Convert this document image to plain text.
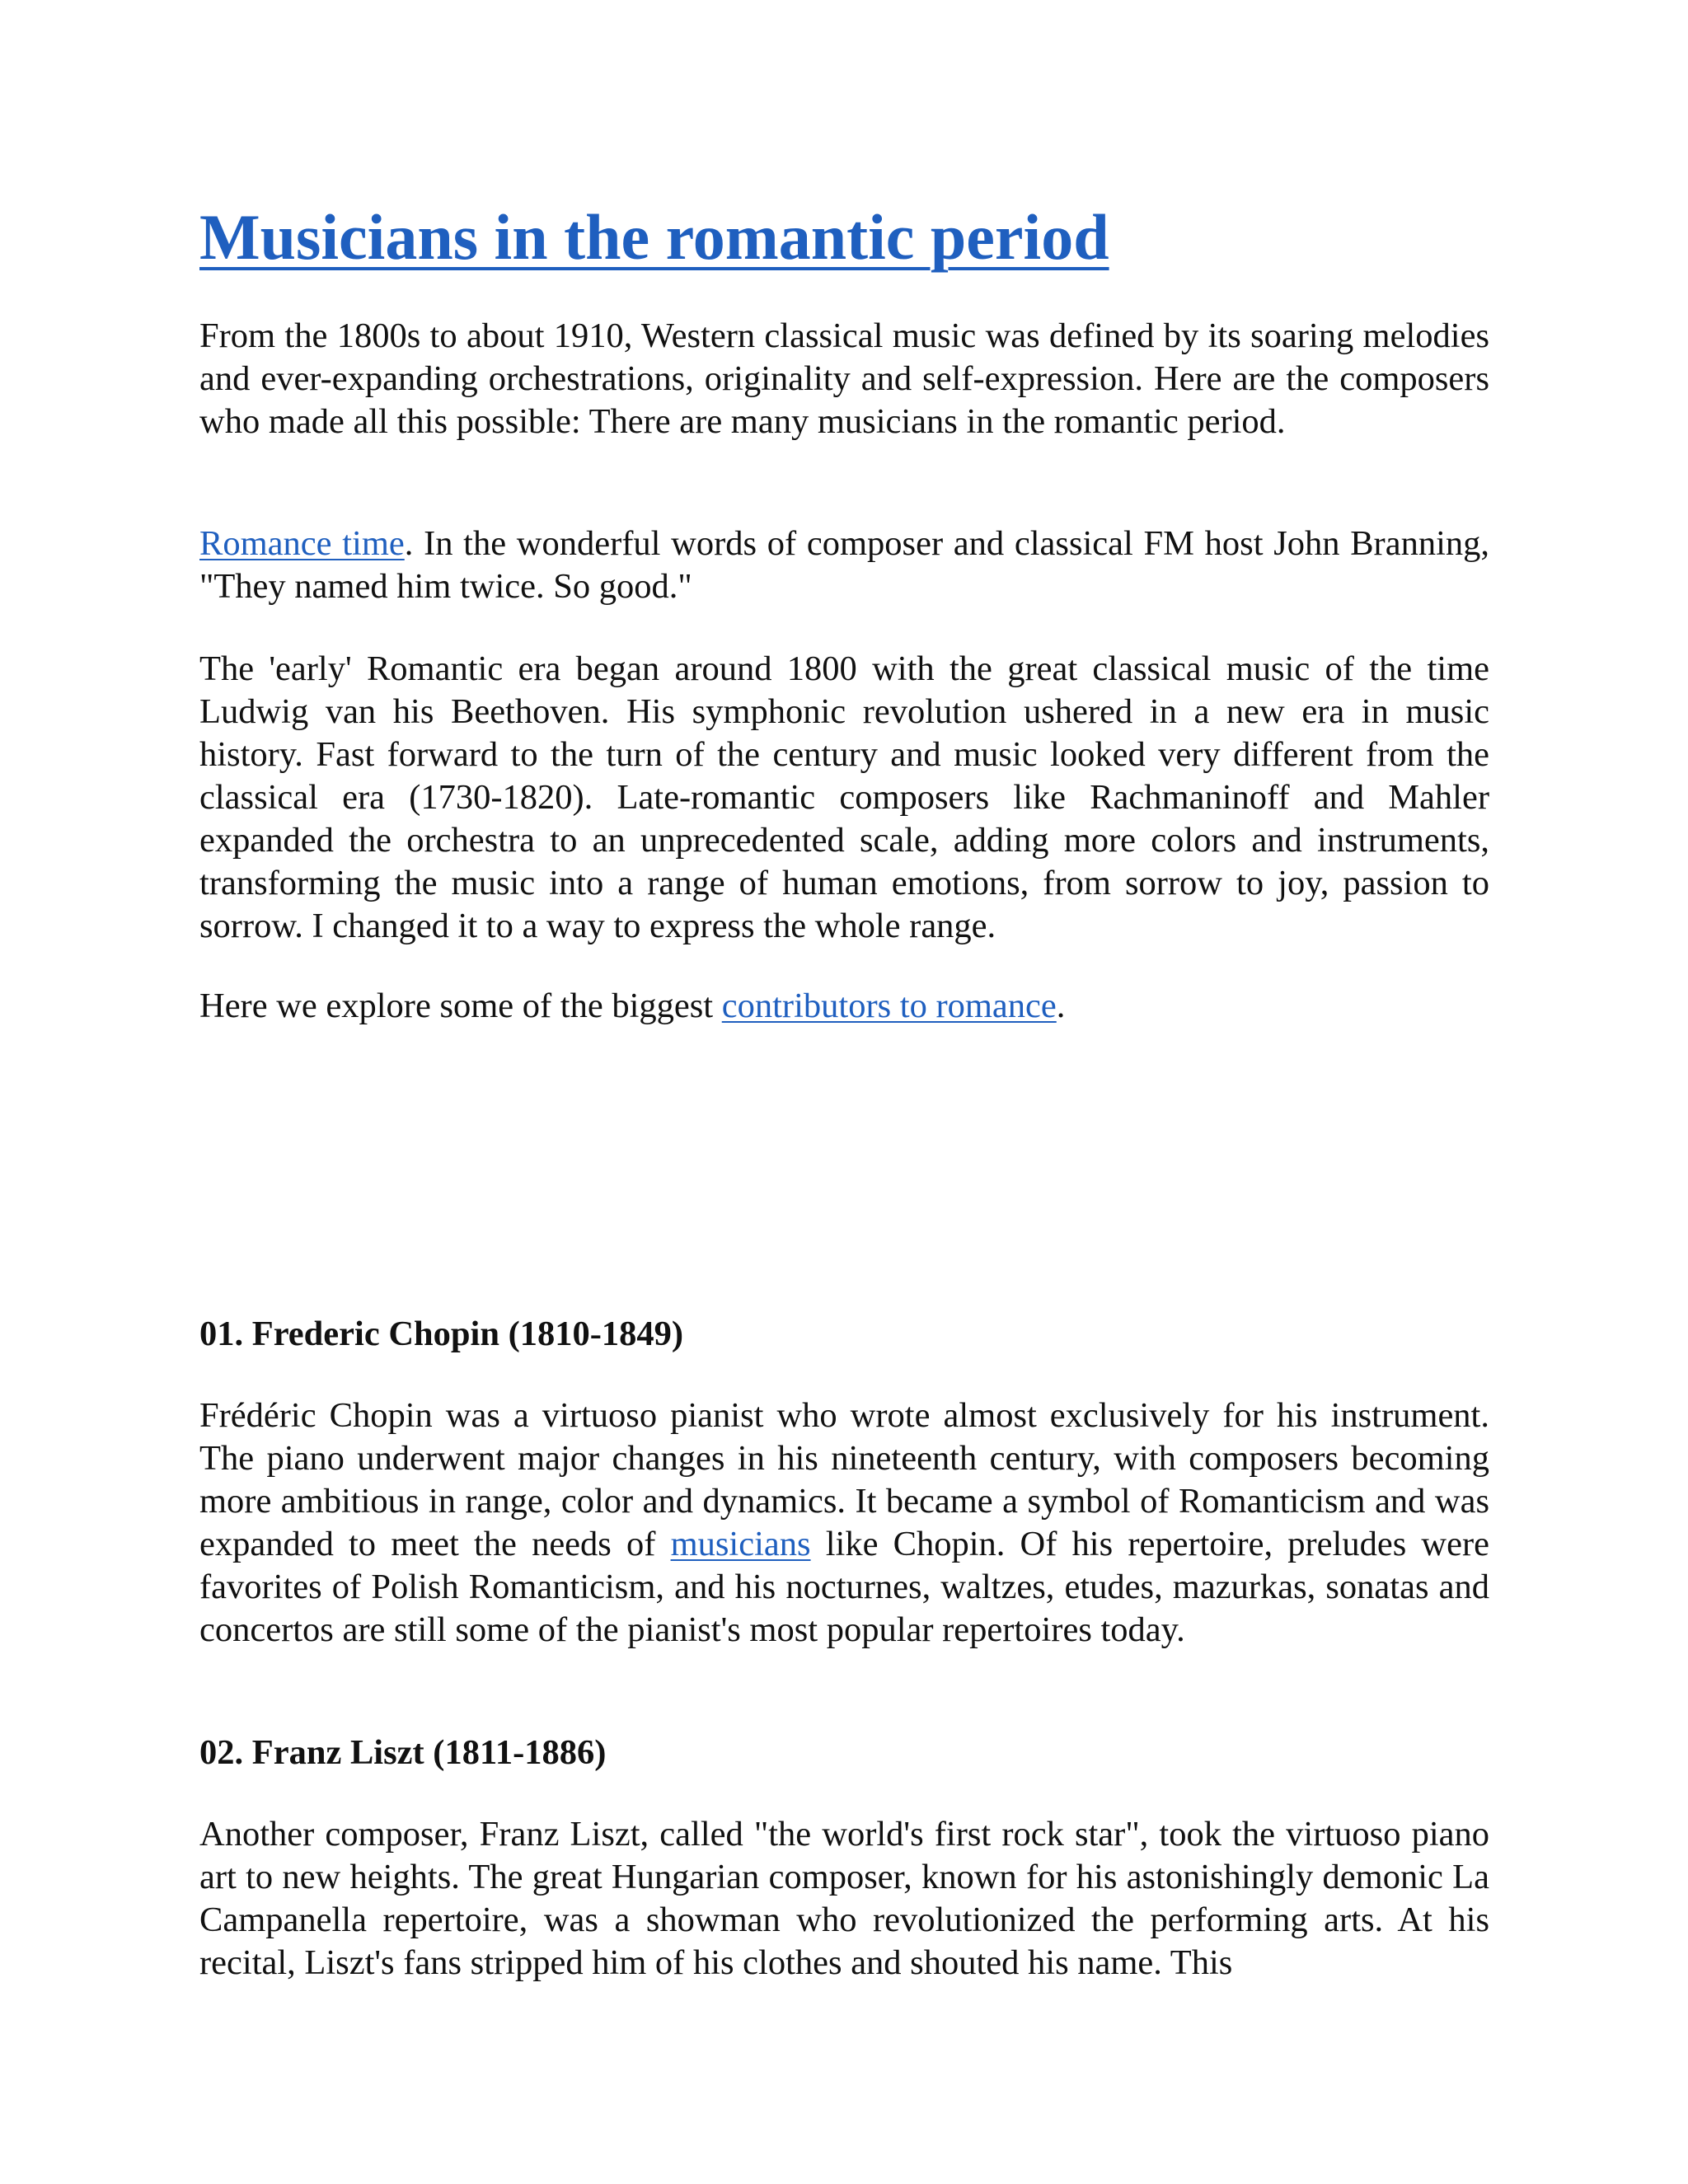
Musicians in the romantic period

From the 1800s to about 1910, Western classical music was defined by its soaring melodies and ever-expanding orchestrations, originality and self-expression. Here are the composers who made all this possible: There are many musicians in the romantic period.

Romance time. In the wonderful words of composer and classical FM host John Branning, "They named him twice. So good."

The 'early' Romantic era began around 1800 with the great classical music of the time Ludwig van his Beethoven. His symphonic revolution ushered in a new era in music history. Fast forward to the turn of the century and music looked very different from the classical era (1730-1820). Late-romantic composers like Rachmaninoff and Mahler expanded the orchestra to an unprecedented scale, adding more colors and instruments, transforming the music into a range of human emotions, from sorrow to joy, passion to sorrow. I changed it to a way to express the whole range.

Here we explore some of the biggest contributors to romance.

01. Frederic Chopin (1810-1849)

Frédéric Chopin was a virtuoso pianist who wrote almost exclusively for his instrument. The piano underwent major changes in his nineteenth century, with composers becoming more ambitious in range, color and dynamics. It became a symbol of Romanticism and was expanded to meet the needs of musicians like Chopin. Of his repertoire, preludes were favorites of Polish Romanticism, and his nocturnes, waltzes, etudes, mazurkas, sonatas and concertos are still some of the pianist's most popular repertoires today.

02. Franz Liszt (1811-1886)

Another composer, Franz Liszt, called "the world's first rock star", took the virtuoso piano art to new heights. The great Hungarian composer, known for his astonishingly demonic La Campanella repertoire, was a showman who revolutionized the performing arts. At his recital, Liszt's fans stripped him of his clothes and shouted his name. This
